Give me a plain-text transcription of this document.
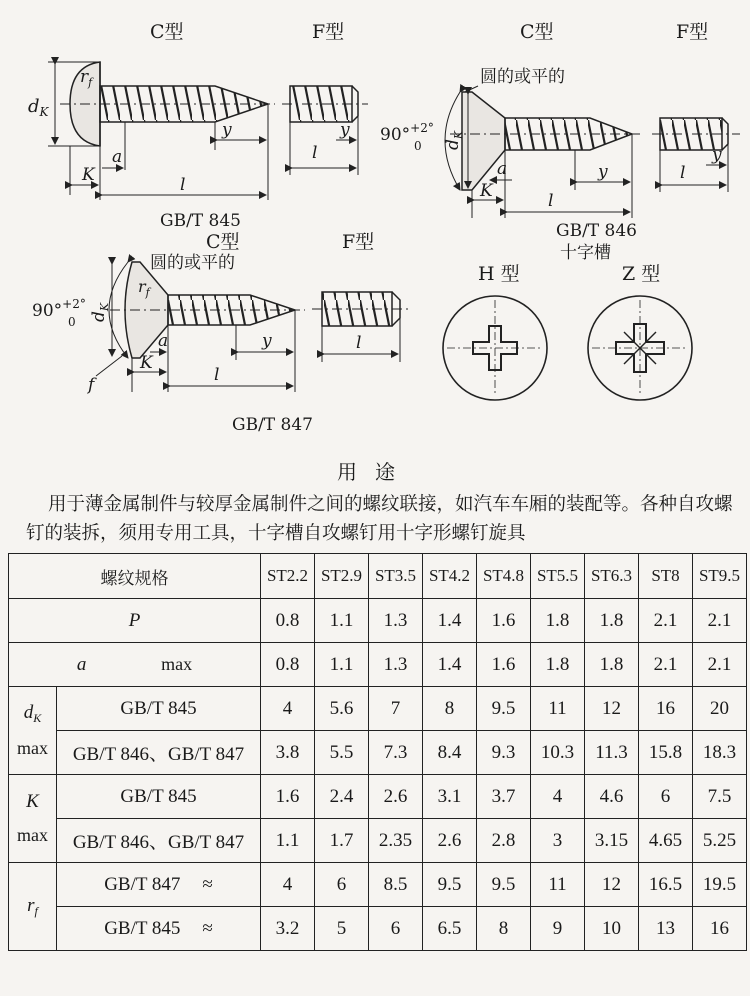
C型	F型
$d_K$
$r_f$
a
K	l
y
GB/T 845
l
y
C型	F型
圆的或平的
90°$^{+2^\circ}$
0 $d_K$
a
K	l
y
GB/T 846
十字槽
l
y
C型
圆的或平的
F型
90°$^{+2^\circ}$
0 $d_K$
$r_f$
a
K
l
y
f
GB/T 847
l
H 型	Z 型
用途
用于薄金属制件与较厚金属制件之间的螺纹联接，如汽车车厢的装配等。各种自攻螺钉的装拆，须用专用工具，十字槽自攻螺钉用十字形螺钉旋具
螺纹规格		ST2.2	ST2.9	ST3.5	ST4.2	ST4.8	ST5.5	ST6.3	ST8	ST9.5
P		0.8	1.1	1.3	1.4	1.6	1.8	1.8	2.1	2.1
a max		0.8	1.1	1.3	1.4	1.6	1.8	1.8	2.1	2.1

$d_K$
max	GB/T 845	4	5.6	7	8	9.5	11	12	16	20
	GB/T 846、GB/T 847	3.8	5.5	7.3	8.4	9.3	10.3	11.3	15.8	18.3

K
max	GB/T 845	1.6	2.4	2.6	3.1	3.7	4	4.6	6	7.5
	GB/T 846、GB/T 847	1.1	1.7	2.35	2.6	2.8	3	3.15	4.65	5.25

$r_f$	GB/T 847 ≈	4	6	8.5	9.5	9.5	11	12	16.5	19.5
	GB/T 845 ≈	3.2	5	6	6.5	8	9	10	13	16
